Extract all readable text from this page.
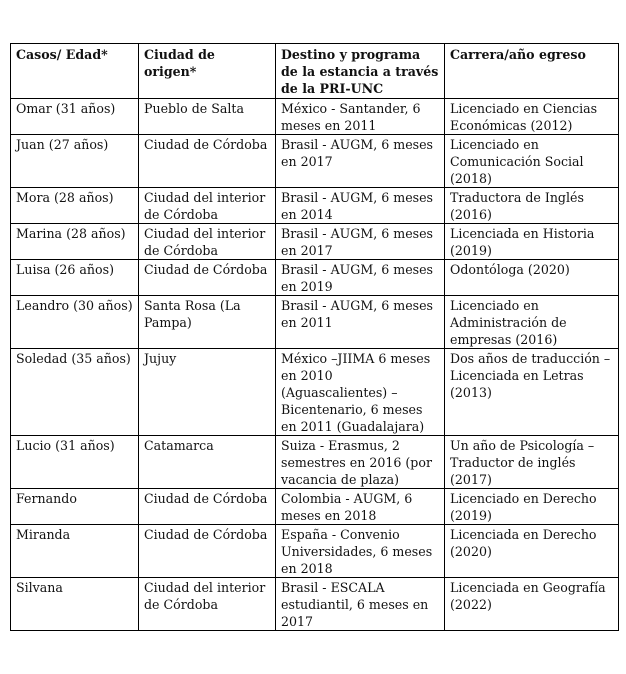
Casos/ Edad*	Ciudad de origen*	Destino y programa de la estancia a través de la PRI-UNC	Carrera/año egreso
Omar (31 años)	Pueblo de Salta	México - Santander, 6 meses en 2011	Licenciado en Ciencias Económicas (2012)
Juan (27 años)	Ciudad de Córdoba	Brasil - AUGM, 6 meses en 2017	Licenciado en Comunicación Social (2018)
Mora (28 años)	Ciudad del interior de Córdoba	Brasil - AUGM, 6 meses en 2014	Traductora de Inglés (2016)
Marina (28 años)	Ciudad del interior de Córdoba	Brasil - AUGM, 6 meses en 2017	Licenciada en Historia (2019)
Luisa (26 años)	Ciudad de Córdoba	Brasil - AUGM, 6 meses en 2019	Odontóloga (2020)
Leandro (30 años)	Santa Rosa (La Pampa)	Brasil - AUGM, 6 meses en 2011	Licenciado en Administración de empresas (2016)
Soledad (35 años)	Jujuy	México –JIIMA 6 meses en 2010 (Aguascalientes) – Bicentenario, 6 meses en 2011 (Guadalajara)	Dos años de traducción –Licenciada en Letras (2013)
Lucio (31 años)	Catamarca	Suiza - Erasmus, 2 semestres en 2016 (por vacancia de plaza)	Un año de Psicología – Traductor de inglés (2017)
Fernando	Ciudad de Córdoba	Colombia - AUGM, 6 meses en 2018	Licenciado en Derecho (2019)
Miranda	Ciudad de Córdoba	España - Convenio Universidades, 6 meses en 2018	Licenciada en Derecho (2020)
Silvana	Ciudad del interior de Córdoba	Brasil - ESCALA estudiantil, 6 meses en 2017	Licenciada en Geografía (2022)
